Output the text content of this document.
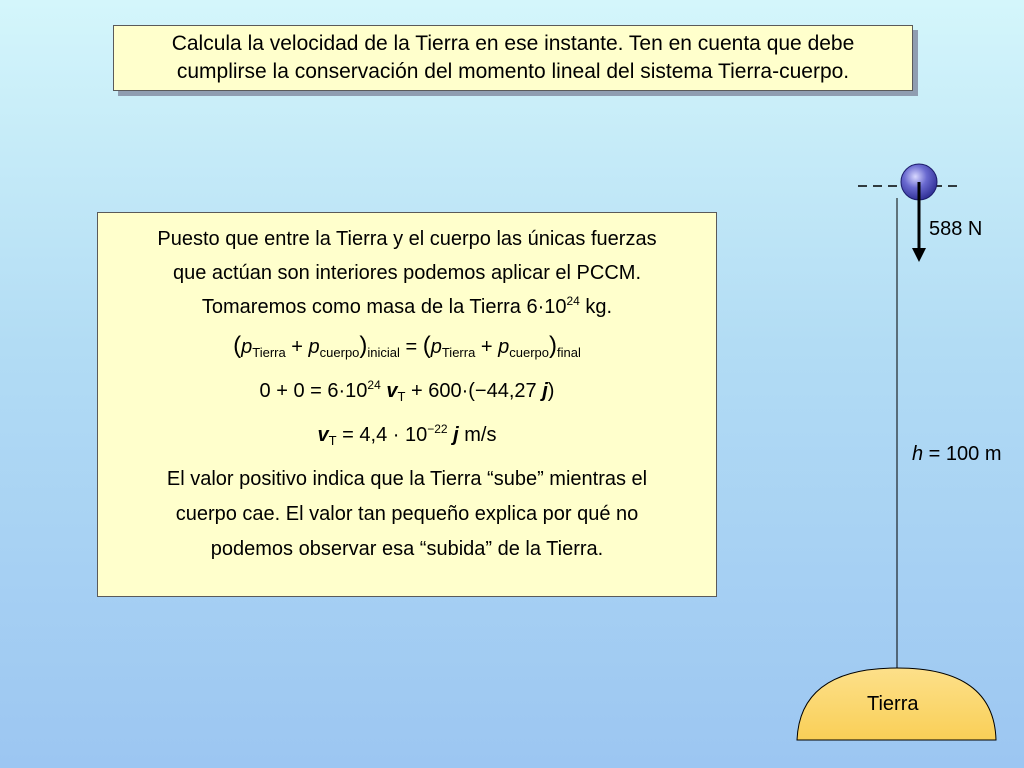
Calcula la velocidad de la Tierra en ese instante. Ten en cuenta que debe
cumplirse la conservación del momento lineal del sistema Tierra-cuerpo.
Puesto que entre la Tierra y el cuerpo las únicas fuerzas
que actúan son interiores podemos aplicar el PCCM.
Tomaremos como masa de la Tierra $6\cdot 10^{24}$ kg.
$(p_{Tierra} + p_{cuerpo})_{inicial} = (p_{Tierra} + p_{cuerpo})_{final}$
$0 + 0 = 6\cdot 10^{24}$ $v_T + 600\cdot(-44,27$ j)
$v_T = 4,4 \cdot 10^{-22}$ j m/s
El valor positivo indica que la Tierra “sube” mientras el
cuerpo cae. El valor tan pequeño explica por qué no
podemos observar esa “subida” de la Tierra.
588 N
h = 100 m
Tierra
